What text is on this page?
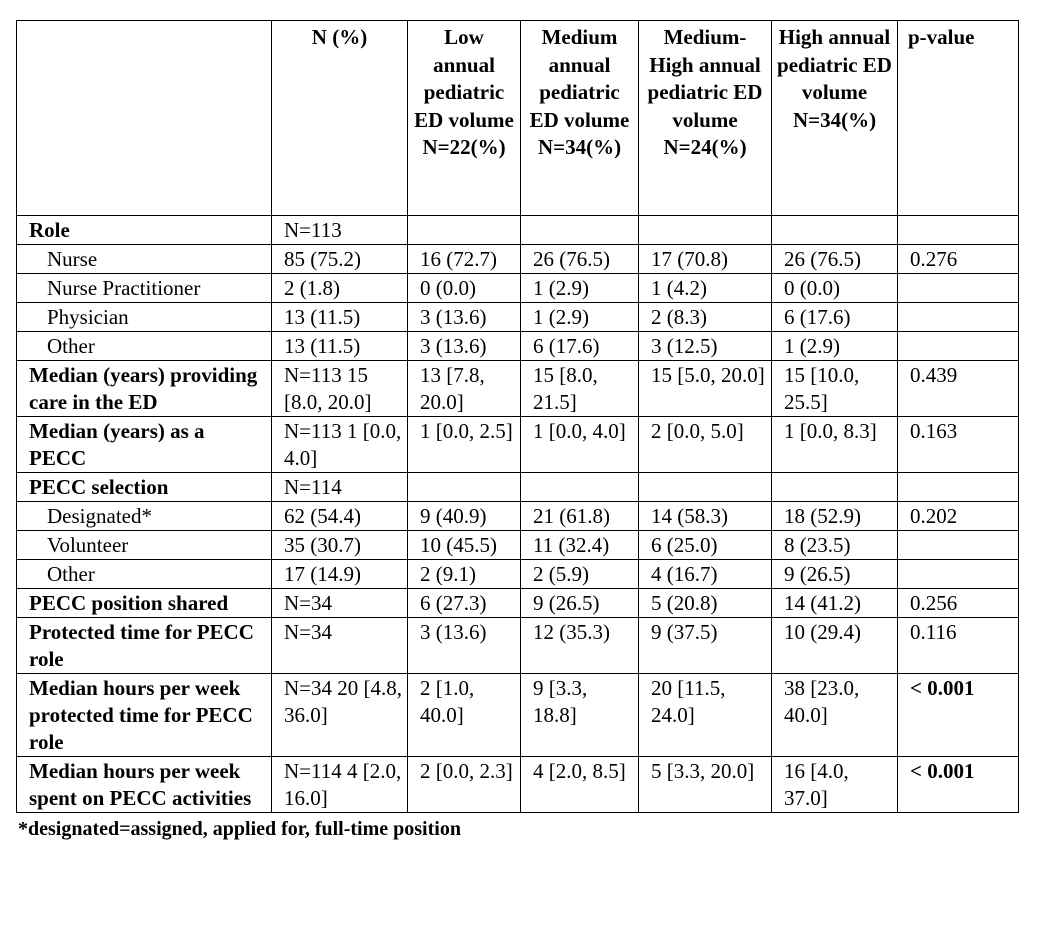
	N (%)	Low annual pediatric ED volume N=22(%)	Medium annual pediatric ED volume N=34(%)	Medium-High annual pediatric ED volume N=24(%)	High annual pediatric ED volume N=34(%)	p-value
Role	N=113					
Nurse	85 (75.2)	16 (72.7)	26 (76.5)	17 (70.8)	26 (76.5)	0.276
Nurse Practitioner	2 (1.8)	0 (0.0)	1 (2.9)	1 (4.2)	0 (0.0)	
Physician	13 (11.5)	3 (13.6)	1 (2.9)	2 (8.3)	6 (17.6)	
Other	13 (11.5)	3 (13.6)	6 (17.6)	3 (12.5)	1 (2.9)	
Median (years) providing care in the ED	N=113 15 [8.0, 20.0]	13 [7.8, 20.0]	15 [8.0, 21.5]	15 [5.0, 20.0]	15 [10.0, 25.5]	0.439
Median (years) as a PECC	N=113 1 [0.0, 4.0]	1 [0.0, 2.5]	1 [0.0, 4.0]	2 [0.0, 5.0]	1 [0.0, 8.3]	0.163
PECC selection	N=114					
Designated*	62 (54.4)	9 (40.9)	21 (61.8)	14 (58.3)	18 (52.9)	0.202
Volunteer	35 (30.7)	10 (45.5)	11 (32.4)	6 (25.0)	8 (23.5)	
Other	17 (14.9)	2 (9.1)	2 (5.9)	4 (16.7)	9 (26.5)	
PECC position shared	N=34	6 (27.3)	9 (26.5)	5 (20.8)	14 (41.2)	0.256
Protected time for PECC role	N=34	3 (13.6)	12 (35.3)	9 (37.5)	10 (29.4)	0.116
Median hours per week protected time for PECC role	N=34 20 [4.8, 36.0]	2 [1.0, 40.0]	9 [3.3, 18.8]	20 [11.5, 24.0]	38 [23.0, 40.0]	< 0.001
Median hours per week spent on PECC activities	N=114 4 [2.0, 16.0]	2 [0.0, 2.3]	4 [2.0, 8.5]	5 [3.3, 20.0]	16 [4.0, 37.0]	< 0.001
*designated=assigned, applied for, full-time position
